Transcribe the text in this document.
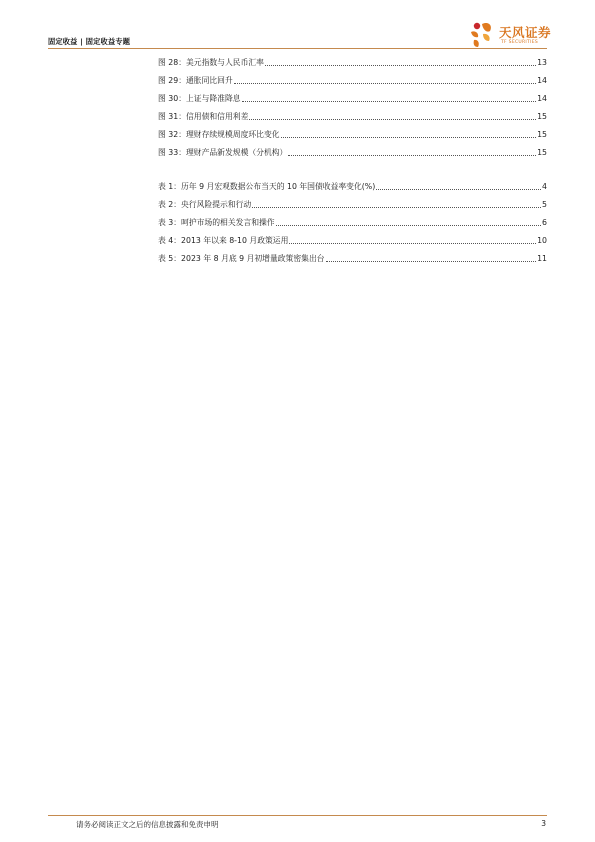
固定收益 | 固定收益专题
天风证券
TF SECURITIES
图 28：美元指数与人民币汇率	13
图 29：通胀同比回升	14
图 30：上证与降准降息	14
图 31：信用债和信用利差	15
图 32：理财存续规模周度环比变化	15
图 33：理财产品新发规模（分机构）	15
表 1：历年 9 月宏观数据公布当天的 10 年国债收益率变化(%)	4
表 2：央行风险提示和行动	5
表 3：呵护市场的相关发言和操作	6
表 4：2013 年以来 8-10 月政策运用	10
表 5：2023 年 8 月底 9 月初增量政策密集出台	11
请务必阅读正文之后的信息披露和免责申明	3
